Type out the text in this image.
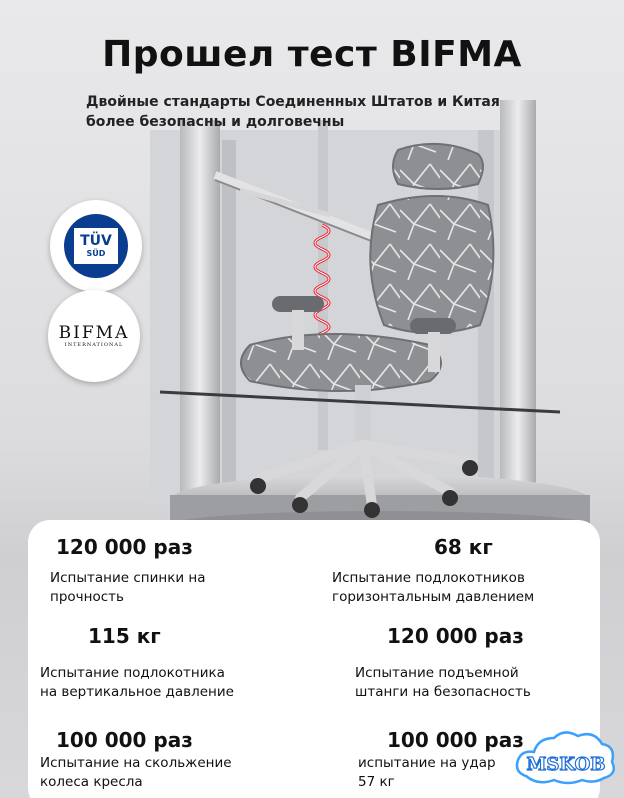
Прошел тест BIFMA
Двойные стандарты Соединенных Штатов и Китая
более безопасны и долговечны
TÜV
SÜD
BIFMA
INTERNATIONAL
120 000 раз
Испытание спинки на
прочность
68 кг
Испытание подлокотников
горизонтальным давлением
115 кг
Испытание подлокотника
на вертикальное давление
120 000 раз
Испытание подъемной
штанги на безопасность
100 000 раз
Испытание на скольжение
колеса кресла
100 000 раз
испытание на удар
57 кг
MSKOB
